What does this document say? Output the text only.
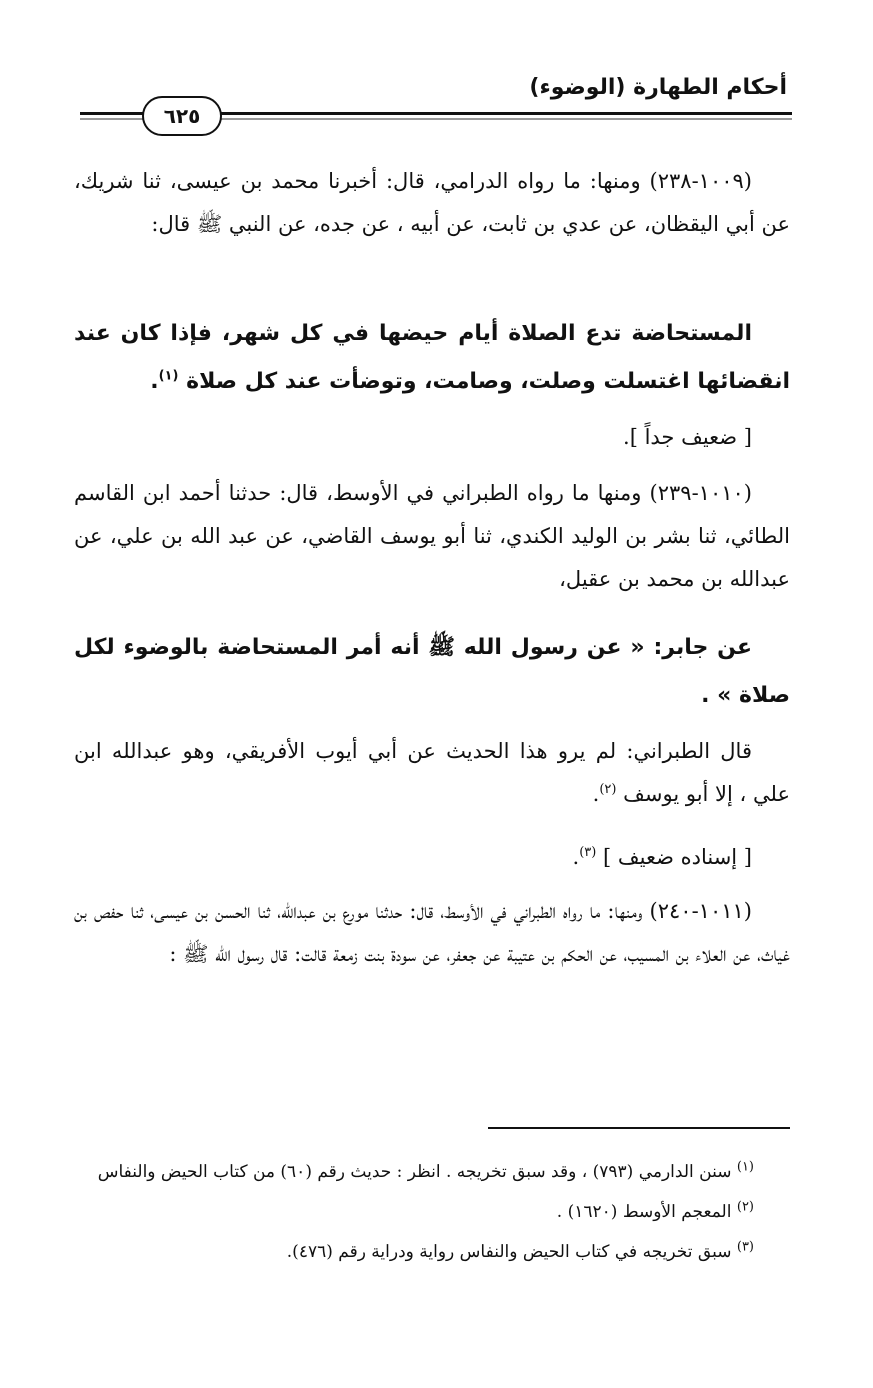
أحكام الطهارة (الوضوء)
٦٢٥

(١٠٠٩-٢٣٨) ومنها: ما رواه الدرامي، قال: أخبرنا محمد بن عيسى، ثنا شريك، عن أبي اليقظان، عن عدي بن ثابت، عن أبيه ، عن جده، عن النبي ﷺ قال:

المستحاضة تدع الصلاة أيام حيضها في كل شهر، فإذا كان عند انقضائها اغتسلت وصلت، وصامت، وتوضأت عند كل صلاة $^{(١)}$.

[ ضعيف جداً ].

(١٠١٠-٢٣٩) ومنها ما رواه الطبراني في الأوسط، قال: حدثنا أحمد ابن القاسم الطائي، ثنا بشر بن الوليد الكندي، ثنا أبو يوسف القاضي، عن عبد الله بن علي، عن عبدالله بن محمد بن عقيل،

عن جابر: « عن رسول الله ﷺ أنه أمر المستحاضة بالوضوء لكل صلاة » .

قال الطبراني: لم يرو هذا الحديث عن أبي أيوب الأفريقي، وهو عبدالله ابن علي ، إلا أبو يوسف $^{(٢)}$.

[ إسناده ضعيف ] $^{(٣)}$.

(١٠١١-٢٤٠) ومنها: ما رواه الطبراني في الأوسط، قال: حدثنا مورع بن عبدالله، ثنا الحسن بن عيسى، ثنا حفص بن غياث، عن العلاء بن المسيب، عن الحكم بن عتيبة عن جعفر، عن سودة بنت زمعة قالت: قال رسول الله ﷺ :

$^{(١)}$ سنن الدارمي (٧٩٣) ، وقد سبق تخريجه . انظر : حديث رقم (٦٠) من كتاب الحيض والنفاس

$^{(٢)}$ المعجم الأوسط (١٦٢٠) .

$^{(٣)}$ سبق تخريجه في كتاب الحيض والنفاس رواية ودراية رقم (٤٧٦).
